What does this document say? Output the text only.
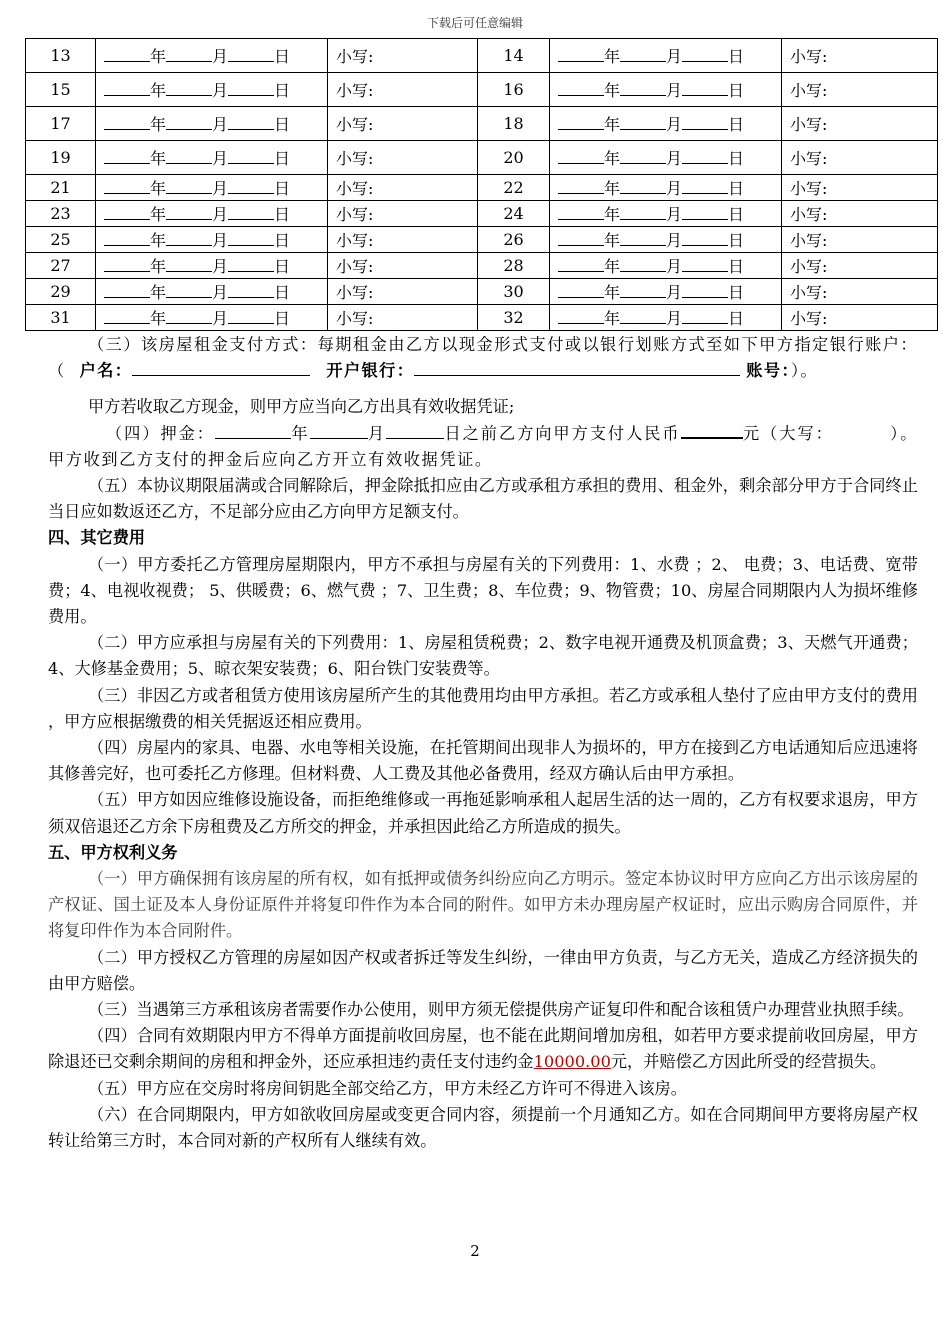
下载后可任意编辑
13	年 月 日	小写:	14	年 月 日	小写:
15	年 月 日	小写:	16	年 月 日	小写:
17	年 月 日	小写:	18	年 月 日	小写:
19	年 月 日	小写:	20	年 月 日	小写:
21	年 月 日	小写:	22	年 月 日	小写:
23	年 月 日	小写:	24	年 月 日	小写:
25	年 月 日	小写:	26	年 月 日	小写:
27	年 月 日	小写:	28	年 月 日	小写:
29	年 月 日	小写:	30	年 月 日	小写:
31	年 月 日	小写:	32	年 月 日	小写:

（三）该房屋租金支付方式：每期租金由乙方以现金形式支付或以银行划账方式至如下甲方指定银行账户：（ 户名：	开户银行：	账号：）。

甲方若收取乙方现金，则甲方应当向乙方出具有效收据凭证;

（四）押金：	年	月	日之前乙方向甲方支付人民币	元（大写：	）。甲方收到乙方支付的押金后应向乙方开立有效收据凭证。

（五）本协议期限届满或合同解除后，押金除抵扣应由乙方或承租方承担的费用、租金外，剩余部分甲方于合同终止当日应如数返还乙方，不足部分应由乙方向甲方足额支付。

四、其它费用

（一）甲方委托乙方管理房屋期限内，甲方不承担与房屋有关的下列费用：1、水费 ；2、 电费；3、电话费、宽带费；4、电视收视费； 5、供暖费；6、燃气费 ；7、卫生费；8、车位费；9、物管费；10、房屋合同期限内人为损坏维修费用。

（二）甲方应承担与房屋有关的下列费用：1、房屋租赁税费；2、数字电视开通费及机顶盒费；3、天燃气开通费；4、大修基金费用；5、晾衣架安装费；6、阳台铁门安装费等。

（三）非因乙方或者租赁方使用该房屋所产生的其他费用均由甲方承担。若乙方或承租人垫付了应由甲方支付的费用 ，甲方应根据缴费的相关凭据返还相应费用。

（四）房屋内的家具、电器、水电等相关设施，在托管期间出现非人为损坏的，甲方在接到乙方电话通知后应迅速将其修善完好，也可委托乙方修理。但材料费、人工费及其他必备费用，经双方确认后由甲方承担。

（五）甲方如因应维修设施设备，而拒绝维修或一再拖延影响承租人起居生活的达一周的，乙方有权要求退房，甲方须双倍退还乙方余下房租费及乙方所交的押金，并承担因此给乙方所造成的损失。

五、甲方权利义务

（一）甲方确保拥有该房屋的所有权，如有抵押或债务纠纷应向乙方明示。签定本协议时甲方应向乙方出示该房屋的产权证、国土证及本人身份证原件并将复印件作为本合同的附件。如甲方未办理房屋产权证时，应出示购房合同原件，并将复印件作为本合同附件。

（二）甲方授权乙方管理的房屋如因产权或者拆迁等发生纠纷，一律由甲方负责，与乙方无关，造成乙方经济损失的由甲方赔偿。

（三）当遇第三方承租该房者需要作办公使用，则甲方须无偿提供房产证复印件和配合该租赁户办理营业执照手续。

（四）合同有效期限内甲方不得单方面提前收回房屋，也不能在此期间增加房租，如若甲方要求提前收回房屋，甲方除退还已交剩余期间的房租和押金外，还应承担违约责任支付违约金10000.00元，并赔偿乙方因此所受的经营损失。

（五）甲方应在交房时将房间钥匙全部交给乙方，甲方未经乙方许可不得进入该房。

（六）在合同期限内，甲方如欲收回房屋或变更合同内容，须提前一个月通知乙方。如在合同期间甲方要将房屋产权转让给第三方时，本合同对新的产权所有人继续有效。

2
